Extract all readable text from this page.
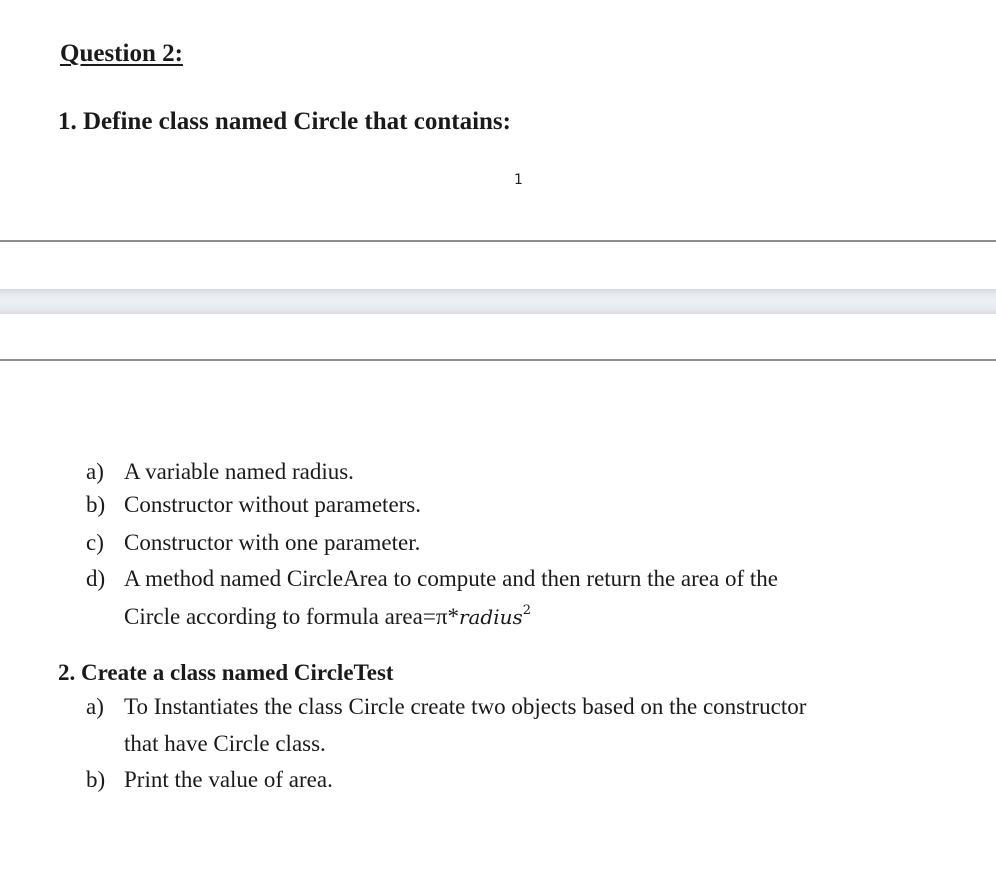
Question 2:
1. Define class named Circle that contains:
1
a) A variable named radius.
b) Constructor without parameters.
c) Constructor with one parameter.
d) A method named CircleArea to compute and then return the area of the
Circle according to formula area=π*radius$^2$
2. Create a class named CircleTest
a) To Instantiates the class Circle create two objects based on the constructor
that have Circle class.
b) Print the value of area.
